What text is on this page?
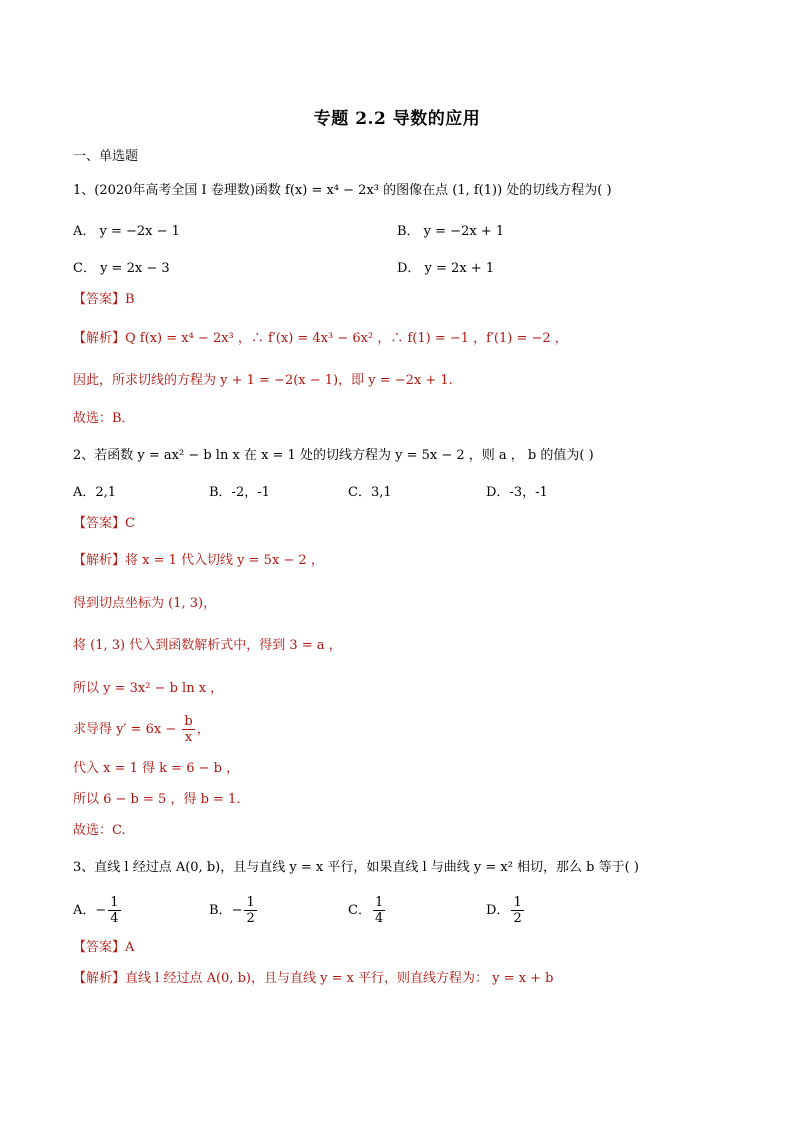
专题 2.2 导数的应用
一、单选题
1、(2020年高考全国 I 卷理数)函数 f(x) = x⁴ − 2x³ 的图像在点 (1, f(1)) 处的切线方程为( )
A． y = −2x − 1	B． y = −2x + 1
C． y = 2x − 3	D． y = 2x + 1
【答案】B
【解析】Q f(x) = x⁴ − 2x³ ，∴ f′(x) = 4x³ − 6x² ，∴ f(1) = −1 ，f′(1) = −2 ，
因此，所求切线的方程为 y + 1 = −2(x − 1)，即 y = −2x + 1.
故选：B．
2、若函数 y = ax² − b ln x 在 x = 1 处的切线方程为 y = 5x − 2 ，则 a ， b 的值为( )
A．2,1	B．-2，-1	C．3,1	D．-3，-1
【答案】C
【解析】将 x = 1 代入切线 y = 5x − 2 ，
得到切点坐标为 (1, 3)，
将 (1, 3) 代入到函数解析式中，得到 3 = a ，
所以 y = 3x² − b ln x ，
求导得 $y' = 6x - \frac{b}{x}$ ，
代入 x = 1 得 k = 6 − b ，
所以 6 − b = 5 ，得 b = 1.
故选：C.
3、直线 l 经过点 A(0, b)，且与直线 y = x 平行，如果直线 l 与曲线 y = x² 相切，那么 b 等于( )
A．− $\frac{1}{4}$	B．− $\frac{1}{2}$	C． $\frac{1}{4}$	D． $\frac{1}{2}$
【答案】A
【解析】直线 l 经过点 A(0, b)，且与直线 y = x 平行，则直线方程为： y = x + b
